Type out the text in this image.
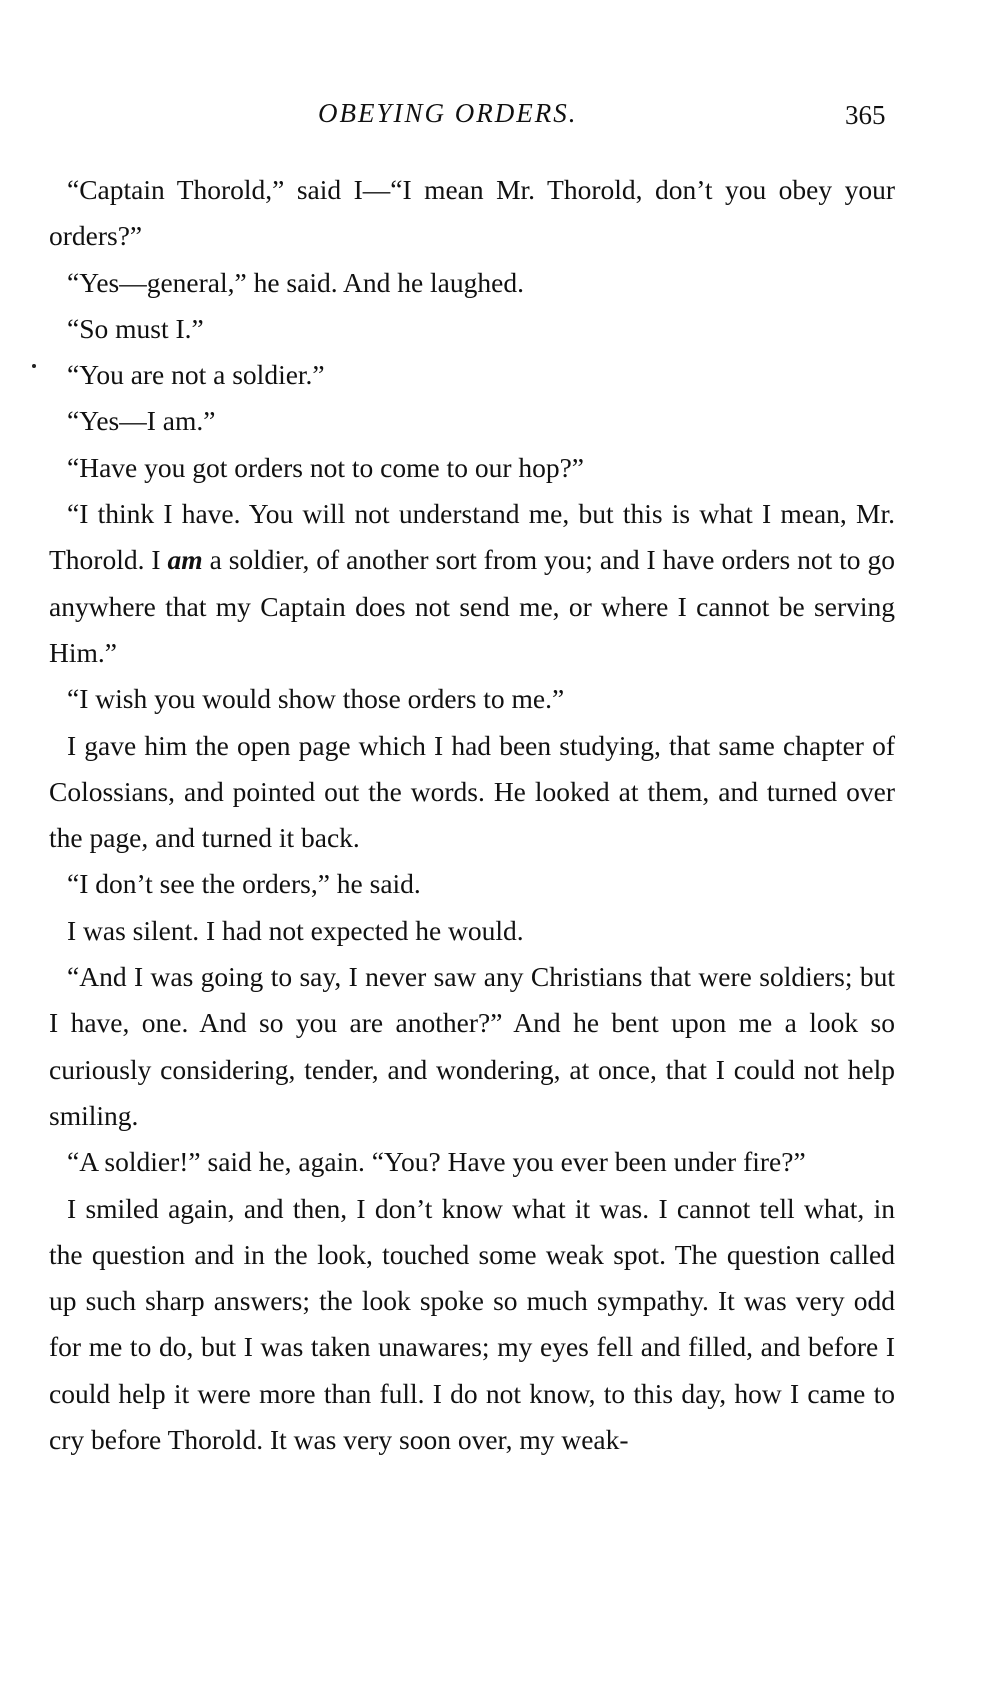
OBEYING ORDERS.	365

“Captain Thorold,” said I—“I mean Mr. Thorold, don’t you obey your orders?”

“Yes—general,” he said. And he laughed.

“So must I.”

“You are not a soldier.”

“Yes—I am.”

“Have you got orders not to come to our hop?”

“I think I have. You will not understand me, but this is what I mean, Mr. Thorold. I am a soldier, of another sort from you; and I have orders not to go anywhere that my Captain does not send me, or where I cannot be serving Him.”

“I wish you would show those orders to me.”

I gave him the open page which I had been studying, that same chapter of Colossians, and pointed out the words. He looked at them, and turned over the page, and turned it back.

“I don’t see the orders,” he said.

I was silent. I had not expected he would.

“And I was going to say, I never saw any Christians that were soldiers; but I have, one. And so you are another?” And he bent upon me a look so curiously considering, tender, and wondering, at once, that I could not help smiling.

“A soldier!” said he, again. “You? Have you ever been under fire?”

I smiled again, and then, I don’t know what it was. I cannot tell what, in the question and in the look, touched some weak spot. The question called up such sharp answers; the look spoke so much sympathy. It was very odd for me to do, but I was taken unawares; my eyes fell and filled, and before I could help it were more than full. I do not know, to this day, how I came to cry before Thorold. It was very soon over, my weak-
